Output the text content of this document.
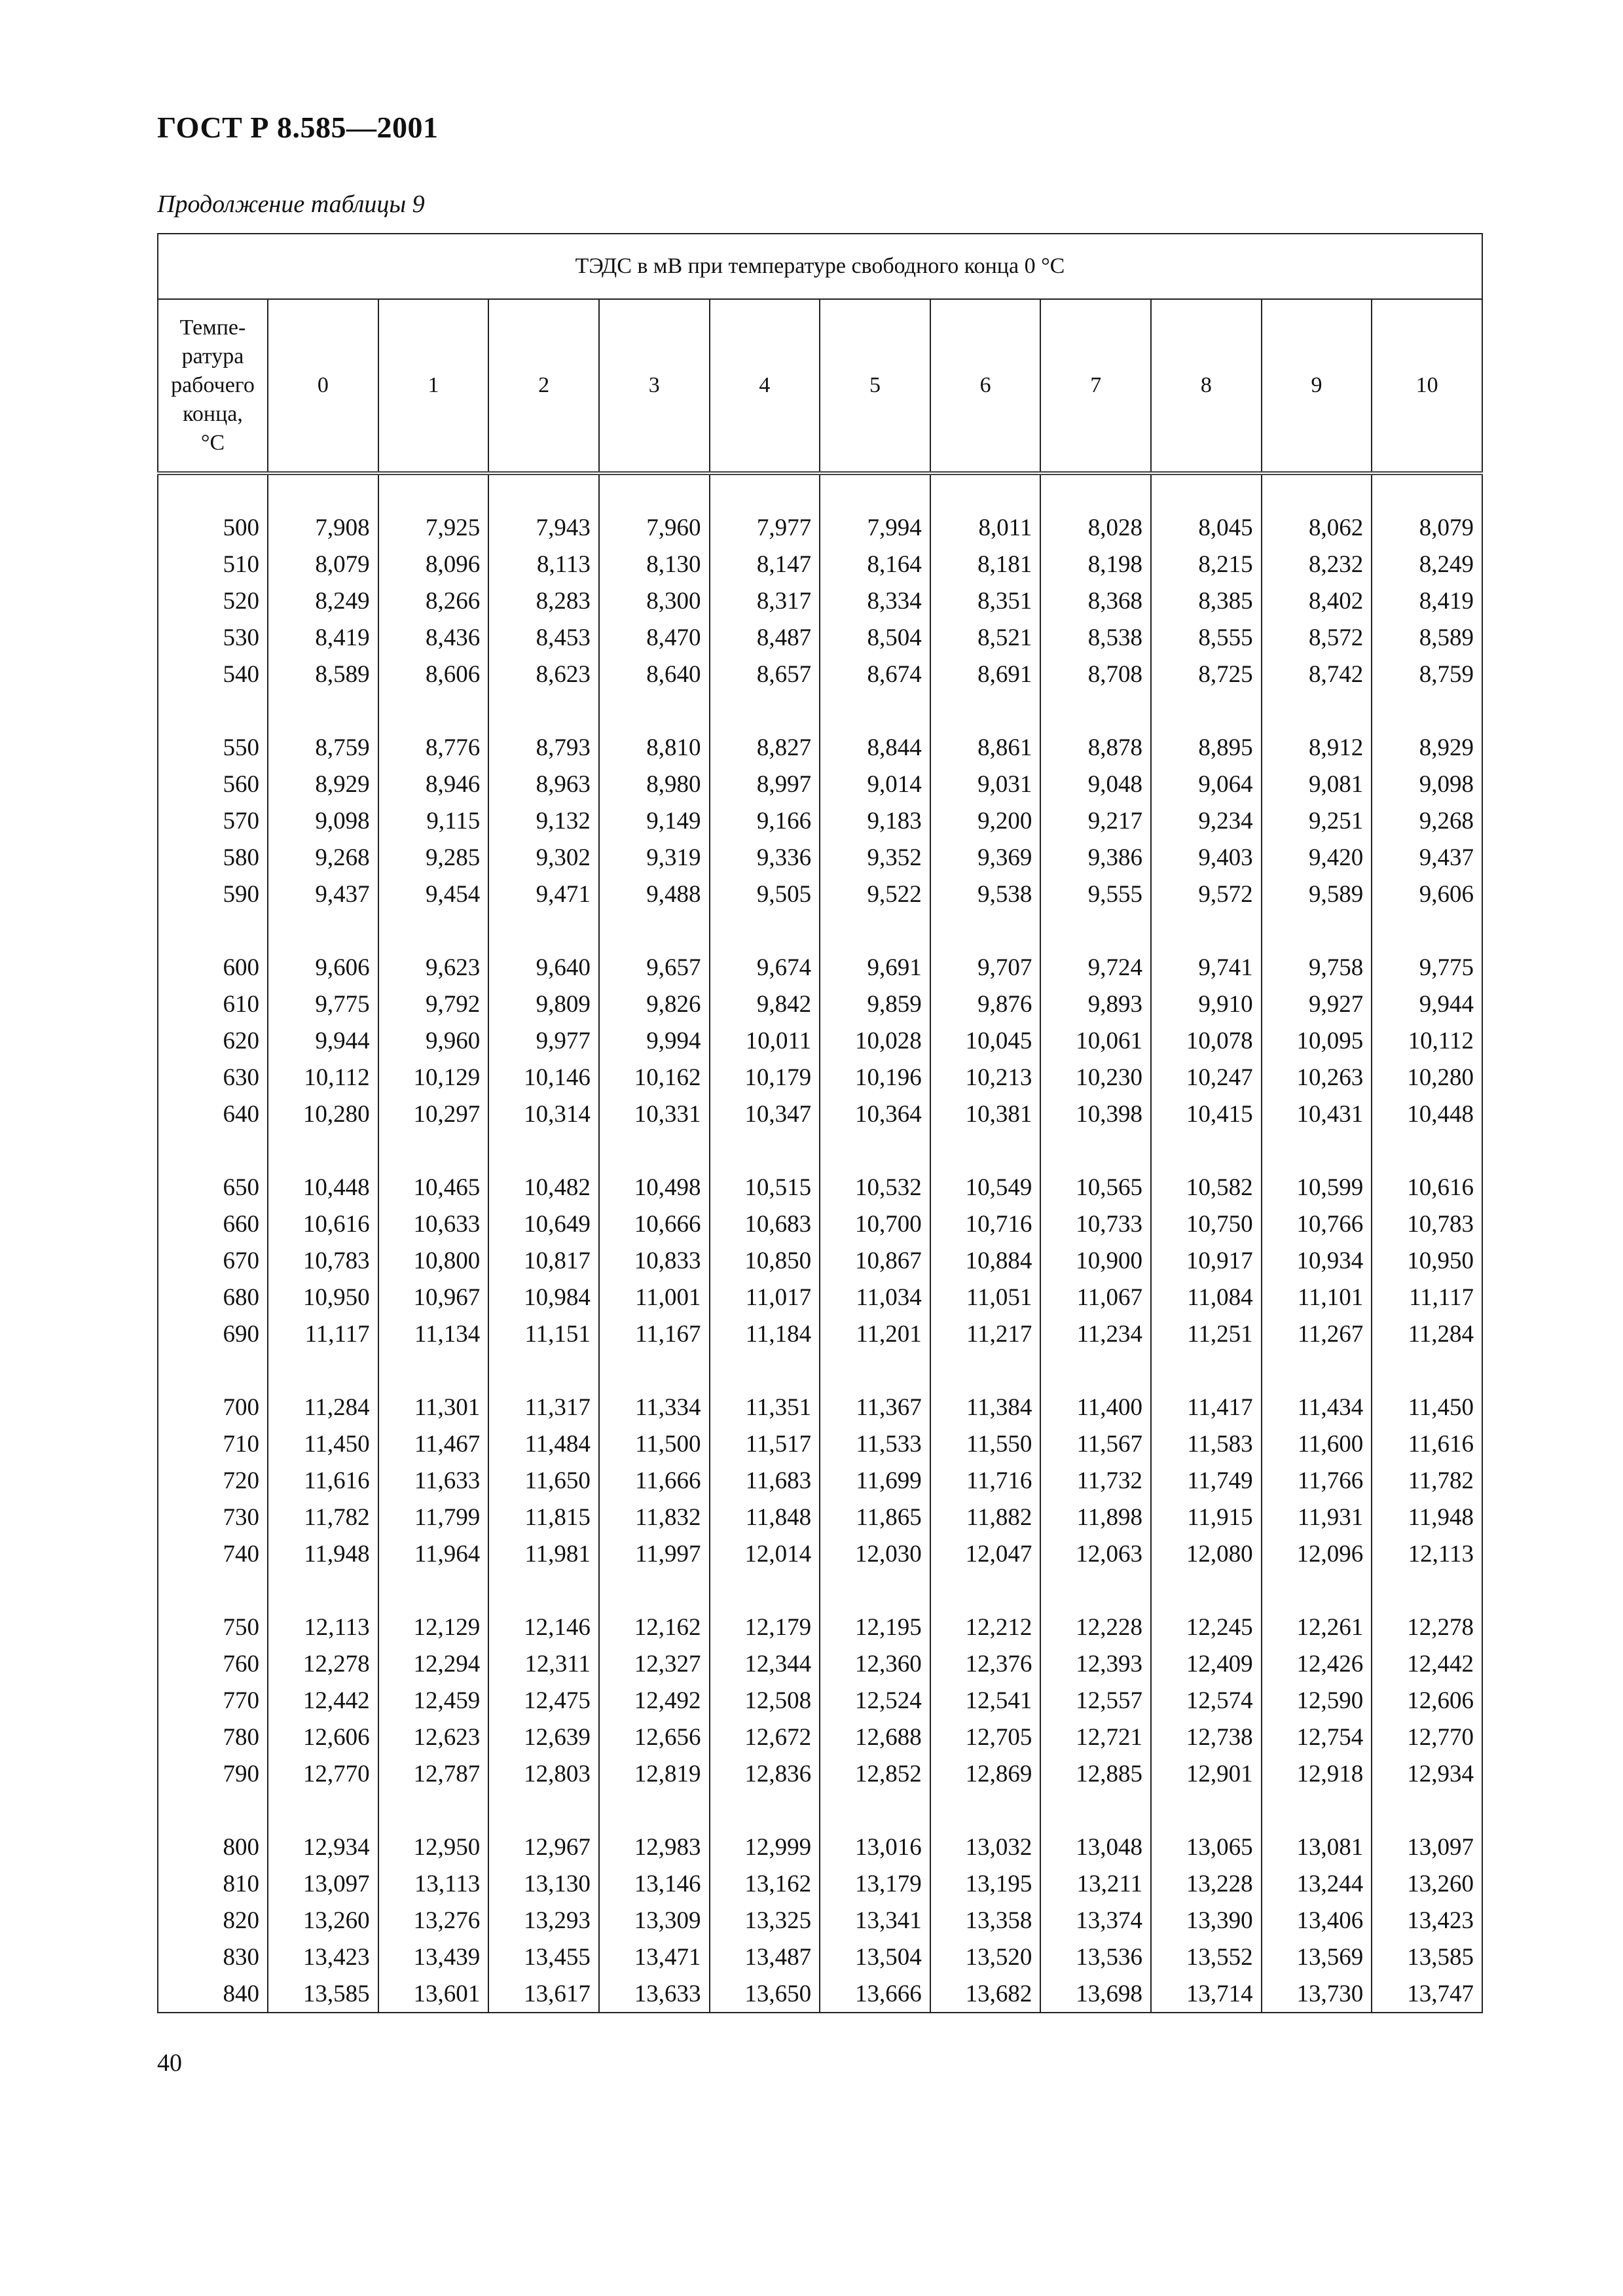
ГОСТ Р 8.585—2001
Продолжение таблицы 9
ТЭДС в мВ при температуре свободного конца 0 °С											
Темпе-
ратура
рабочего
конца,
°С	0	1	2	3	4	5	6	7	8	9	10

500	7,908	7,925	7,943	7,960	7,977	7,994	8,011	8,028	8,045	8,062	8,079
510	8,079	8,096	8,113	8,130	8,147	8,164	8,181	8,198	8,215	8,232	8,249
520	8,249	8,266	8,283	8,300	8,317	8,334	8,351	8,368	8,385	8,402	8,419
530	8,419	8,436	8,453	8,470	8,487	8,504	8,521	8,538	8,555	8,572	8,589
540	8,589	8,606	8,623	8,640	8,657	8,674	8,691	8,708	8,725	8,742	8,759

550	8,759	8,776	8,793	8,810	8,827	8,844	8,861	8,878	8,895	8,912	8,929
560	8,929	8,946	8,963	8,980	8,997	9,014	9,031	9,048	9,064	9,081	9,098
570	9,098	9,115	9,132	9,149	9,166	9,183	9,200	9,217	9,234	9,251	9,268
580	9,268	9,285	9,302	9,319	9,336	9,352	9,369	9,386	9,403	9,420	9,437
590	9,437	9,454	9,471	9,488	9,505	9,522	9,538	9,555	9,572	9,589	9,606

600	9,606	9,623	9,640	9,657	9,674	9,691	9,707	9,724	9,741	9,758	9,775
610	9,775	9,792	9,809	9,826	9,842	9,859	9,876	9,893	9,910	9,927	9,944
620	9,944	9,960	9,977	9,994	10,011	10,028	10,045	10,061	10,078	10,095	10,112
630	10,112	10,129	10,146	10,162	10,179	10,196	10,213	10,230	10,247	10,263	10,280
640	10,280	10,297	10,314	10,331	10,347	10,364	10,381	10,398	10,415	10,431	10,448

650	10,448	10,465	10,482	10,498	10,515	10,532	10,549	10,565	10,582	10,599	10,616
660	10,616	10,633	10,649	10,666	10,683	10,700	10,716	10,733	10,750	10,766	10,783
670	10,783	10,800	10,817	10,833	10,850	10,867	10,884	10,900	10,917	10,934	10,950
680	10,950	10,967	10,984	11,001	11,017	11,034	11,051	11,067	11,084	11,101	11,117
690	11,117	11,134	11,151	11,167	11,184	11,201	11,217	11,234	11,251	11,267	11,284

700	11,284	11,301	11,317	11,334	11,351	11,367	11,384	11,400	11,417	11,434	11,450
710	11,450	11,467	11,484	11,500	11,517	11,533	11,550	11,567	11,583	11,600	11,616
720	11,616	11,633	11,650	11,666	11,683	11,699	11,716	11,732	11,749	11,766	11,782
730	11,782	11,799	11,815	11,832	11,848	11,865	11,882	11,898	11,915	11,931	11,948
740	11,948	11,964	11,981	11,997	12,014	12,030	12,047	12,063	12,080	12,096	12,113

750	12,113	12,129	12,146	12,162	12,179	12,195	12,212	12,228	12,245	12,261	12,278
760	12,278	12,294	12,311	12,327	12,344	12,360	12,376	12,393	12,409	12,426	12,442
770	12,442	12,459	12,475	12,492	12,508	12,524	12,541	12,557	12,574	12,590	12,606
780	12,606	12,623	12,639	12,656	12,672	12,688	12,705	12,721	12,738	12,754	12,770
790	12,770	12,787	12,803	12,819	12,836	12,852	12,869	12,885	12,901	12,918	12,934

800	12,934	12,950	12,967	12,983	12,999	13,016	13,032	13,048	13,065	13,081	13,097
810	13,097	13,113	13,130	13,146	13,162	13,179	13,195	13,211	13,228	13,244	13,260
820	13,260	13,276	13,293	13,309	13,325	13,341	13,358	13,374	13,390	13,406	13,423
830	13,423	13,439	13,455	13,471	13,487	13,504	13,520	13,536	13,552	13,569	13,585
840	13,585	13,601	13,617	13,633	13,650	13,666	13,682	13,698	13,714	13,730	13,747
40
